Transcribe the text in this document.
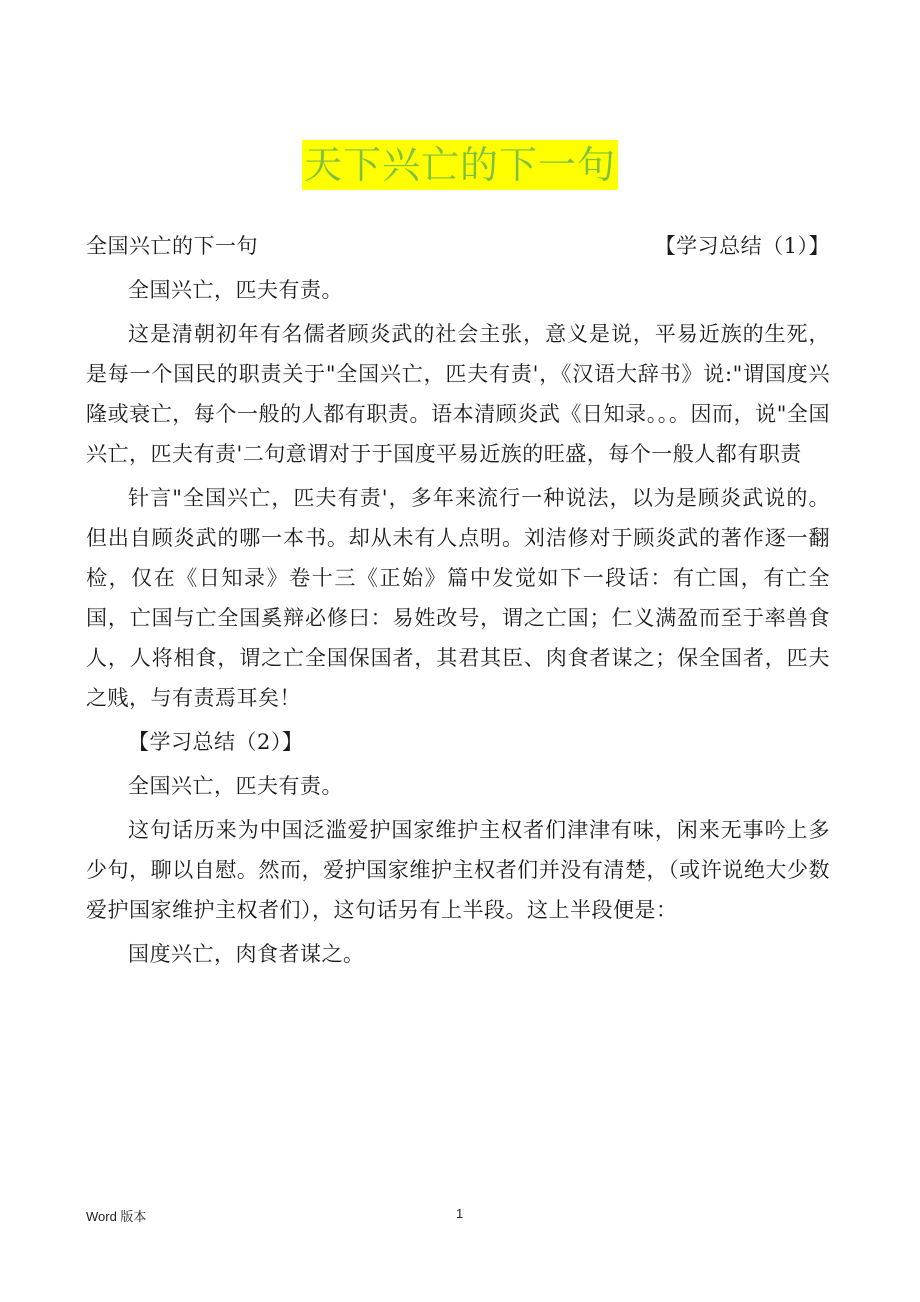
天下兴亡的下一句
全国兴亡的下一句	【学习总结（1）】

全国兴亡，匹夫有责。

这是清朝初年有名儒者顾炎武的社会主张，意义是说，平易近族的生死，是每一个国民的职责关于"全国兴亡，匹夫有责'，《汉语大辞书》说:"谓国度兴隆或衰亡，每个一般的人都有职责。语本清顾炎武《日知录。。。因而，说"全国兴亡，匹夫有责'二句意谓对于于国度平易近族的旺盛，每个一般人都有职责

针言"全国兴亡，匹夫有责'，多年来流行一种说法，以为是顾炎武说的。但出自顾炎武的哪一本书。却从未有人点明。刘洁修对于顾炎武的著作逐一翻检，仅在《日知录》卷十三《正始》篇中发觉如下一段话：有亡国，有亡全国，亡国与亡全国奚辩必修曰：易姓改号，谓之亡国；仁义满盈而至于率兽食人，人将相食，谓之亡全国保国者，其君其臣、肉食者谋之；保全国者，匹夫之贱，与有责焉耳矣！

【学习总结（2）】

全国兴亡，匹夫有责。

这句话历来为中国泛滥爱护国家维护主权者们津津有味，闲来无事吟上多少句，聊以自慰。然而，爱护国家维护主权者们并没有清楚，（或许说绝大少数爱护国家维护主权者们），这句话另有上半段。这上半段便是：

国度兴亡，肉食者谋之。

Word 版本	1
